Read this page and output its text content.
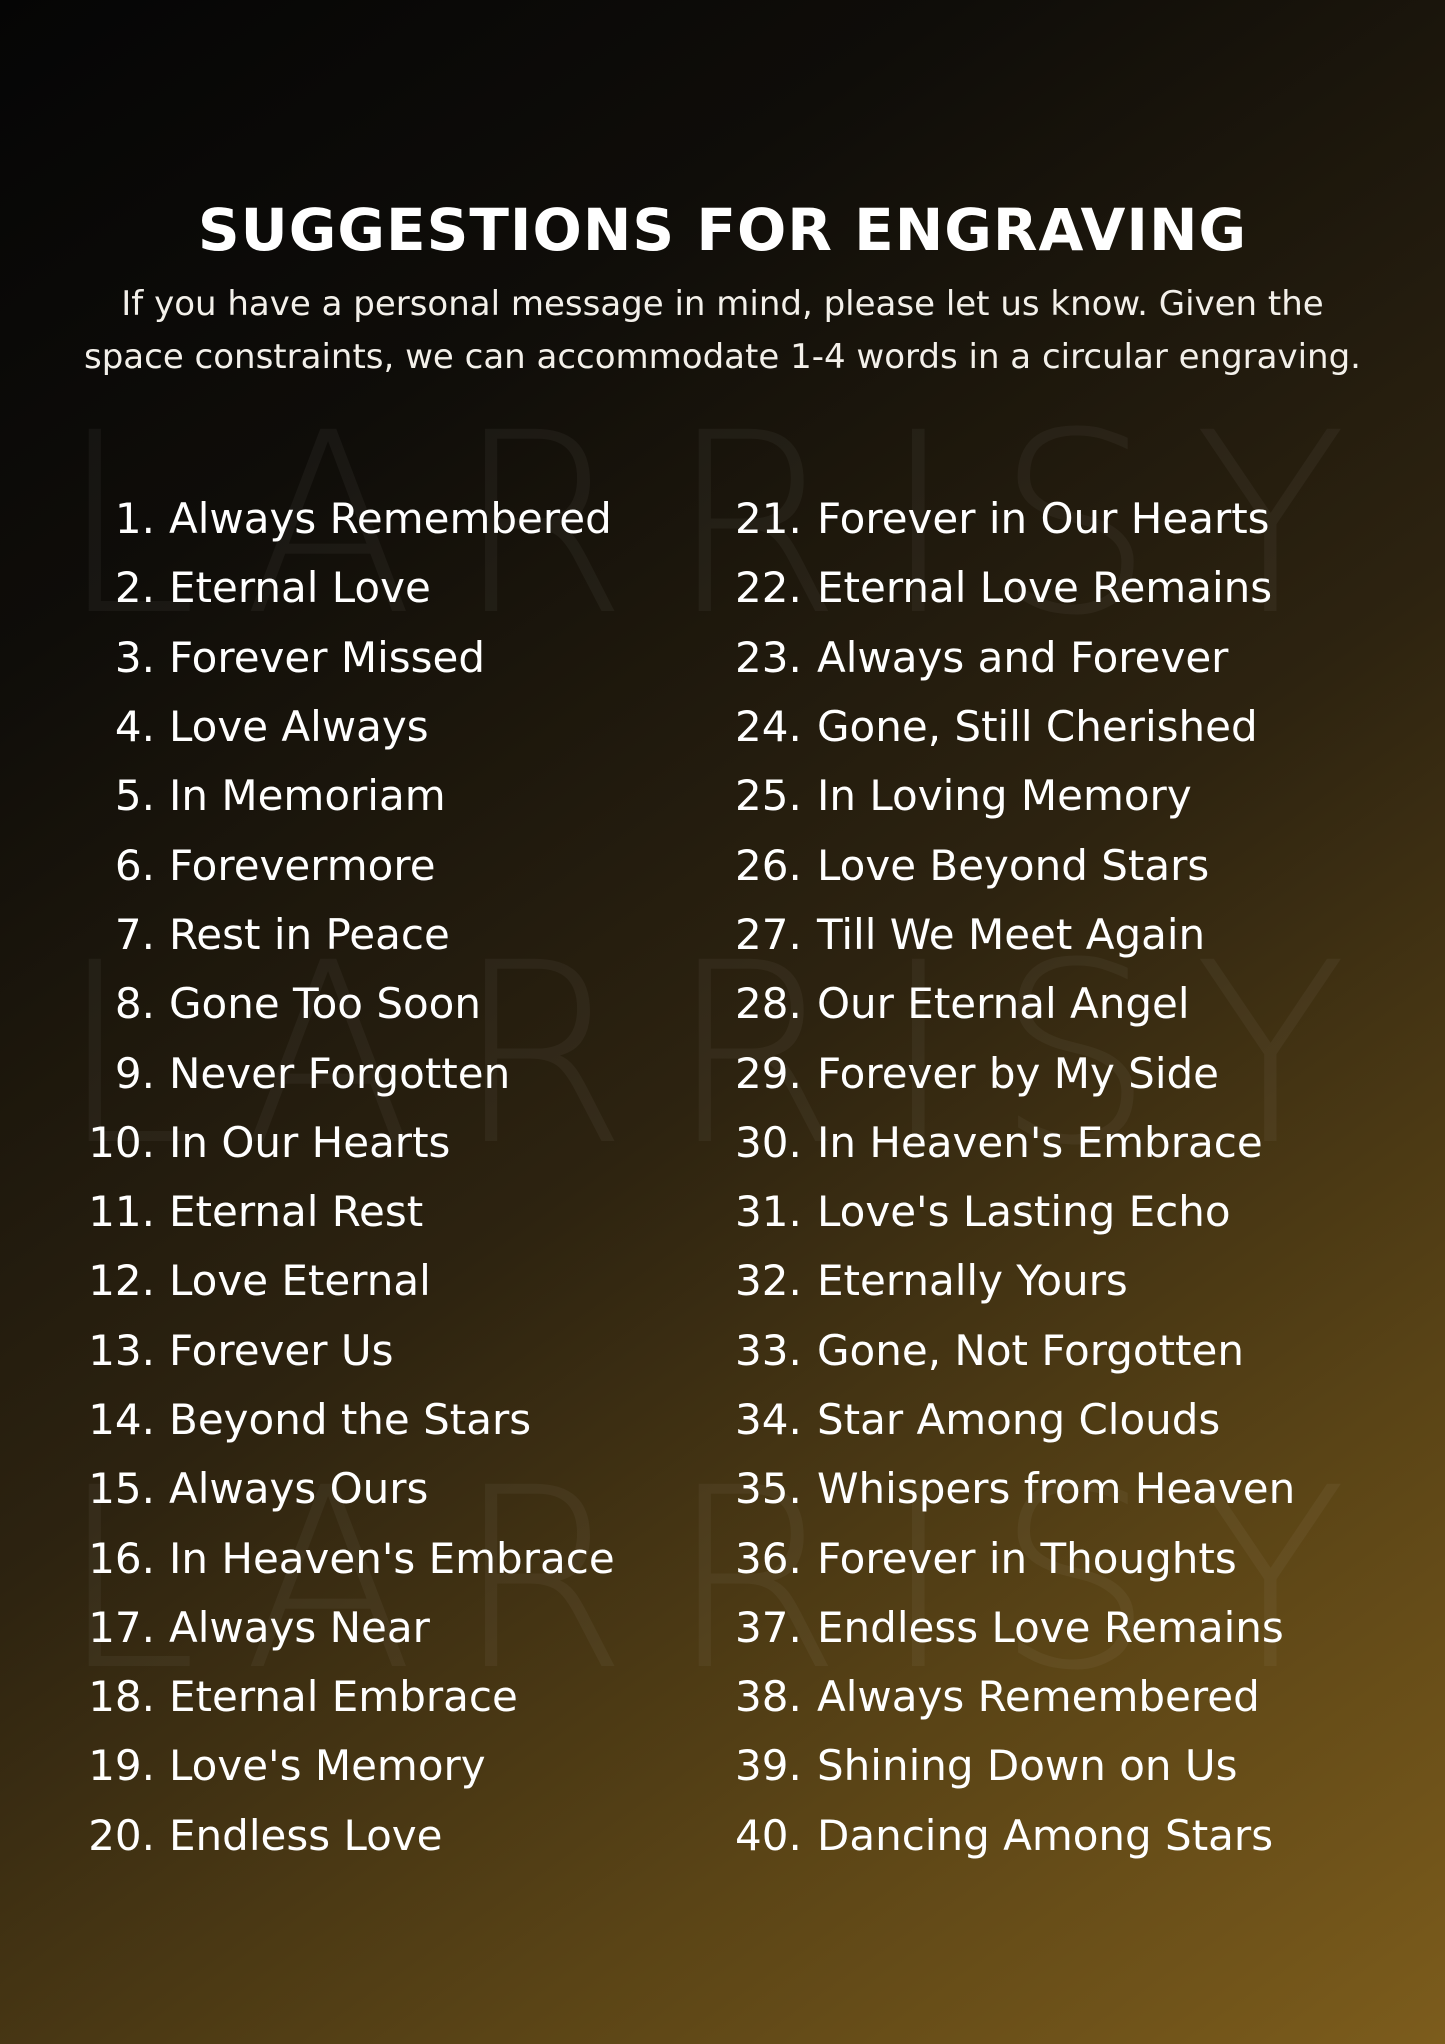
LARRISY
SUGGESTIONS FOR ENGRAVING
If you have a personal message in mind, please let us know. Given the
space constraints, we can accommodate 1-4 words in a circular engraving.
1. Always Remembered
2. Eternal Love
3. Forever Missed
4. Love Always
5. In Memoriam
6. Forevermore
7. Rest in Peace
8. Gone Too Soon
9. Never Forgotten
10. In Our Hearts
11. Eternal Rest
12. Love Eternal
13. Forever Us
14. Beyond the Stars
15. Always Ours
16. In Heaven's Embrace
17. Always Near
18. Eternal Embrace
19. Love's Memory
20. Endless Love
21. Forever in Our Hearts
22. Eternal Love Remains
23. Always and Forever
24. Gone, Still Cherished
25. In Loving Memory
26. Love Beyond Stars
27. Till We Meet Again
28. Our Eternal Angel
29. Forever by My Side
30. In Heaven's Embrace
31. Love's Lasting Echo
32. Eternally Yours
33. Gone, Not Forgotten
34. Star Among Clouds
35. Whispers from Heaven
36. Forever in Thoughts
37. Endless Love Remains
38. Always Remembered
39. Shining Down on Us
40. Dancing Among Stars
LARRISY
